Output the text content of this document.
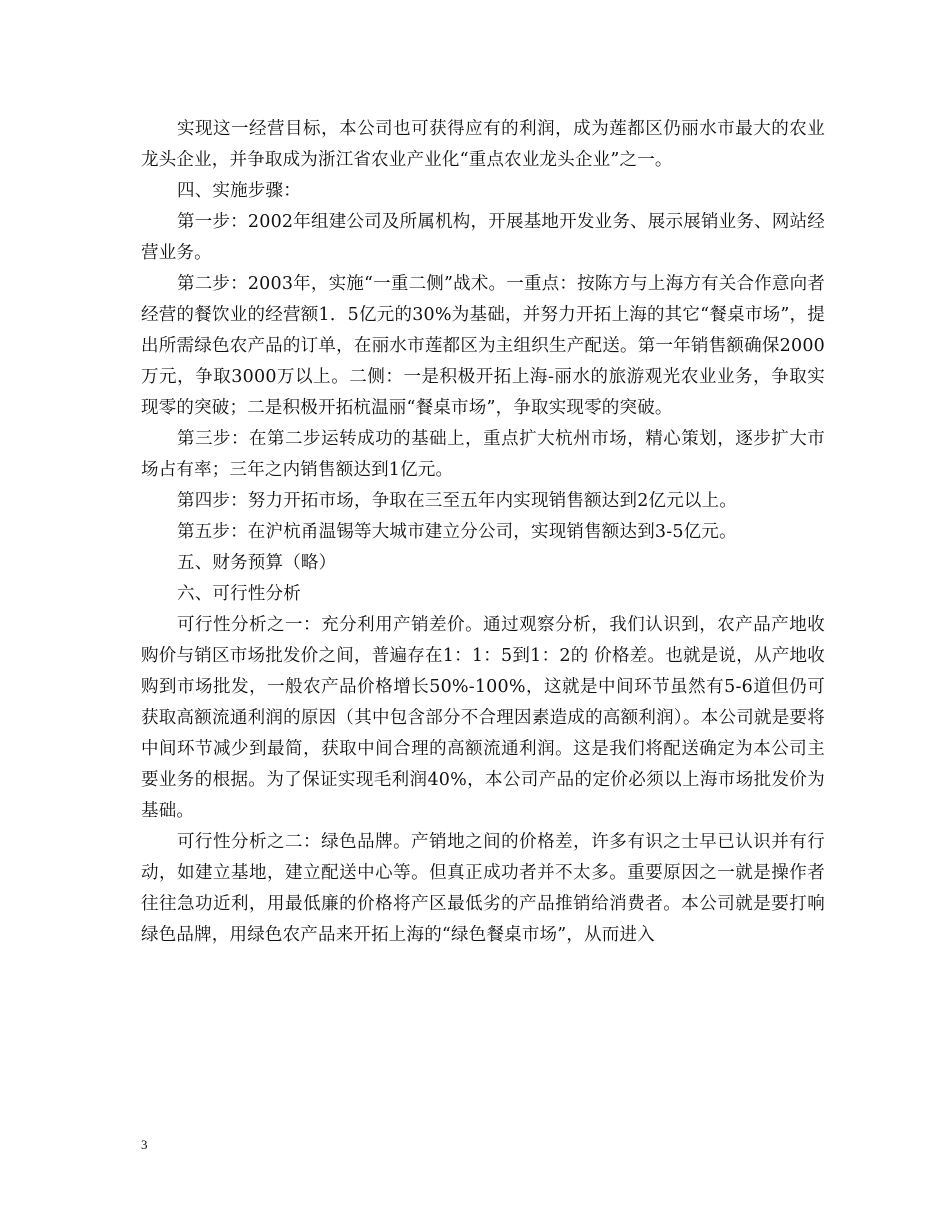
实现这一经营目标，本公司也可获得应有的利润，成为莲都区仍丽水市最大的农业龙头企业，并争取成为浙江省农业产业化“重点农业龙头企业”之一。

四、实施步骤：

第一步：2002年组建公司及所属机构，开展基地开发业务、展示展销业务、网站经营业务。

第二步：2003年，实施“一重二侧”战术。一重点：按陈方与上海方有关合作意向者经营的餐饮业的经营额1．5亿元的30%为基础，并努力开拓上海的其它“餐桌市场”，提出所需绿色农产品的订单，在丽水市莲都区为主组织生产配送。第一年销售额确保2000万元，争取3000万以上。二侧：一是积极开拓上海-丽水的旅游观光农业业务，争取实现零的突破；二是积极开拓杭温丽“餐桌市场”，争取实现零的突破。

第三步：在第二步运转成功的基础上，重点扩大杭州市场，精心策划，逐步扩大市场占有率；三年之内销售额达到1亿元。

第四步：努力开拓市场，争取在三至五年内实现销售额达到2亿元以上。

第五步：在沪杭甬温锡等大城市建立分公司，实现销售额达到3-5亿元。

五、财务预算（略）

六、可行性分析

可行性分析之一：充分利用产销差价。通过观察分析，我们认识到，农产品产地收购价与销区市场批发价之间，普遍存在1：1：5到1：2的 价格差。也就是说，从产地收购到市场批发，一般农产品价格增长50%-100%，这就是中间环节虽然有5-6道但仍可获取高额流通利润的原因（其中包含部分不合理因素造成的高额利润）。本公司就是要将中间环节减少到最简，获取中间合理的高额流通利润。这是我们将配送确定为本公司主要业务的根据。为了保证实现毛利润40%，本公司产品的定价必须以上海市场批发价为基础。

可行性分析之二：绿色品牌。产销地之间的价格差，许多有识之士早已认识并有行动，如建立基地，建立配送中心等。但真正成功者并不太多。重要原因之一就是操作者往往急功近利，用最低廉的价格将产区最低劣的产品推销给消费者。本公司就是要打响绿色品牌，用绿色农产品来开拓上海的“绿色餐桌市场”，从而进入

3
